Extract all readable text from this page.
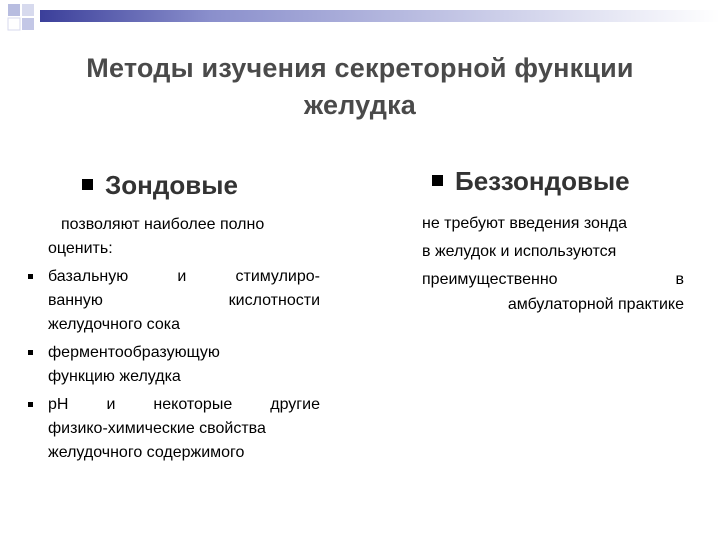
Методы изучения секреторной функции
желудка
Зондовые	Беззондовые
позволяют наиболее полно
оценить:
базальную	и	стимулиро-
ванную	кислотности
желудочного сока
ферментообразующую
функцию желудка
pH и некоторые другие
физико-химические свойства
желудочного содержимого
не требуют введения зонда
в желудок и используются
преимущественно	в
амбулаторной практике
